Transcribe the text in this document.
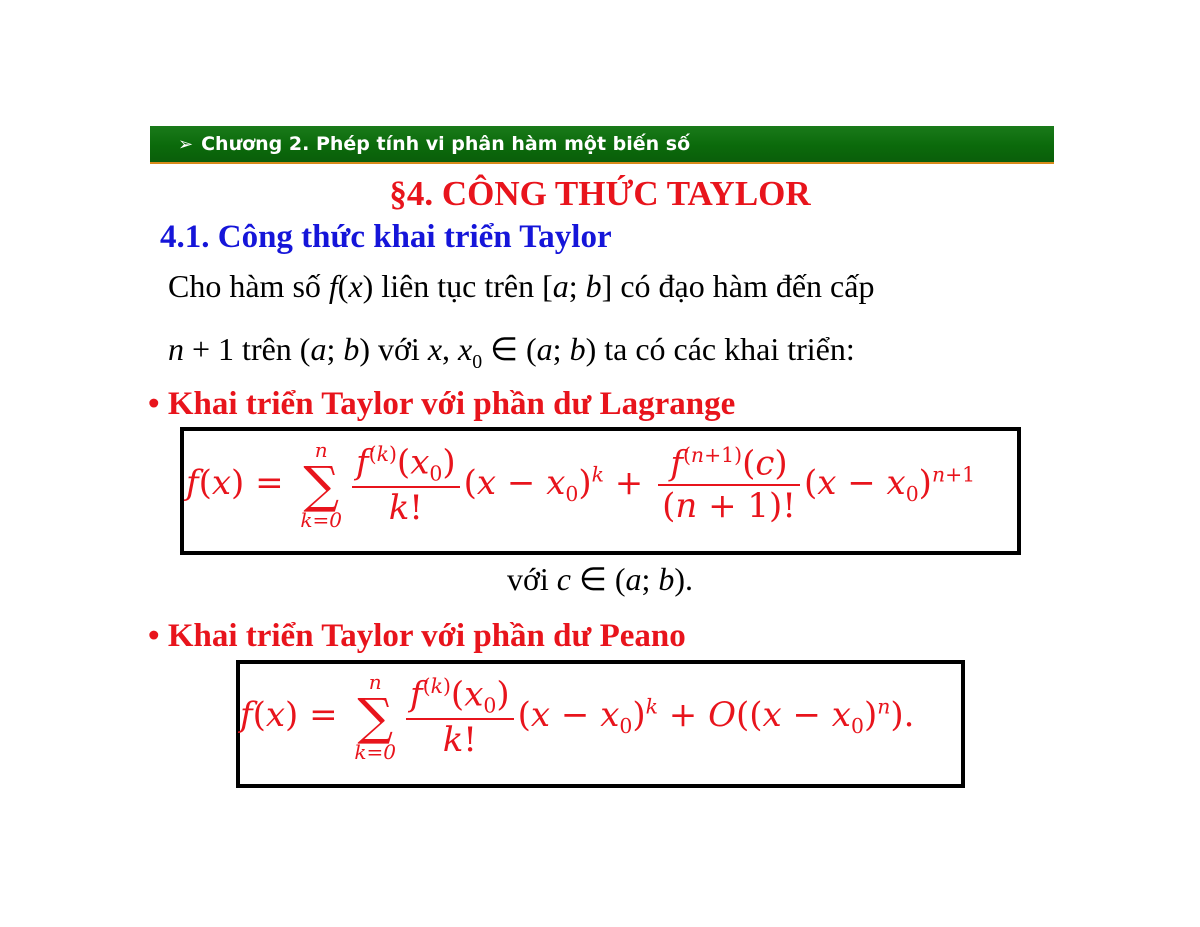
➢ Chương 2. Phép tính vi phân hàm một biến số
§4. CÔNG THỨC TAYLOR
4.1. Công thức khai triển Taylor
Cho hàm số f(x) liên tục trên [a; b] có đạo hàm đến cấp
n + 1 trên (a; b) với x, $x_0$ ∈ (a; b) ta có các khai triển:
• Khai triển Taylor với phần dư Lagrange
f(x) =
n
∑
$k=0 \frac{f^{(k)}(x_0)}{k!} (x - x_0)^k + \frac{f^{(n+1)}(c)}{(n + 1)!} (x - x_0)^{n+1}$
với c ∈ (a; b).
• Khai triển Taylor với phần dư Peano
f(x) =
n
∑
$k=0 \frac{f^{(k)}(x_0)}{k!} (x - x_0)^k + O((x - x_0)^n)$.
